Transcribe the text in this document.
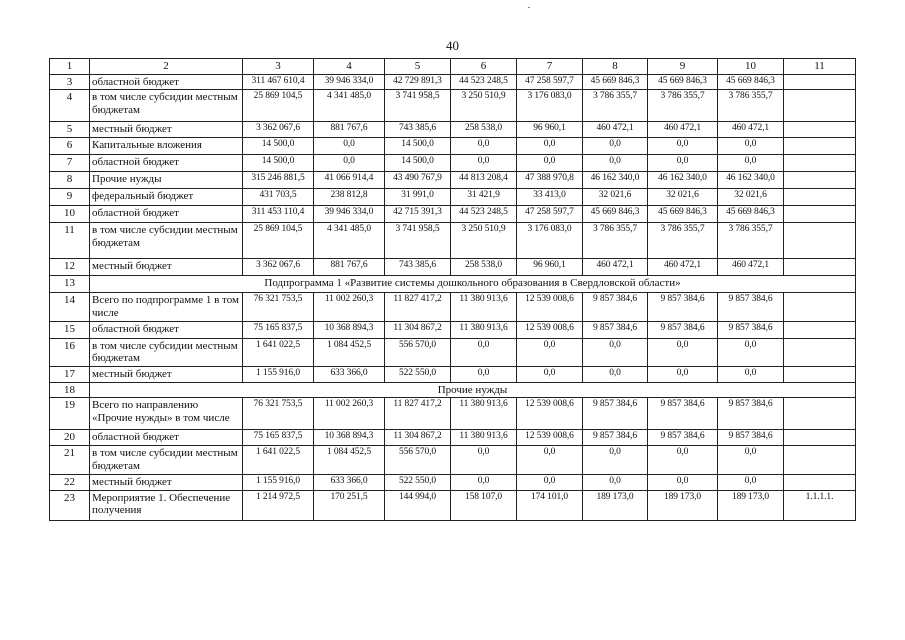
40
1	2	3	4	5	6	7	8	9	10	11
3	областной бюджет	311 467 610,4	39 946 334,0	42 729 891,3	44 523 248,5	47 258 597,7	45 669 846,3	45 669 846,3	45 669 846,3	
4	в том числе субсидии местным бюджетам	25 869 104,5	4 341 485,0	3 741 958,5	3 250 510,9	3 176 083,0	3 786 355,7	3 786 355,7	3 786 355,7	
5	местный бюджет	3 362 067,6	881 767,6	743 385,6	258 538,0	96 960,1	460 472,1	460 472,1	460 472,1	
6	Капитальные вложения	14 500,0	0,0	14 500,0	0,0	0,0	0,0	0,0	0,0	
7	областной бюджет	14 500,0	0,0	14 500,0	0,0	0,0	0,0	0,0	0,0	
8	Прочие нужды	315 246 881,5	41 066 914,4	43 490 767,9	44 813 208,4	47 388 970,8	46 162 340,0	46 162 340,0	46 162 340,0	
9	федеральный бюджет	431 703,5	238 812,8	31 991,0	31 421,9	33 413,0	32 021,6	32 021,6	32 021,6	
10	областной бюджет	311 453 110,4	39 946 334,0	42 715 391,3	44 523 248,5	47 258 597,7	45 669 846,3	45 669 846,3	45 669 846,3	
11	в том числе субсидии местным бюджетам	25 869 104,5	4 341 485,0	3 741 958,5	3 250 510,9	3 176 083,0	3 786 355,7	3 786 355,7	3 786 355,7	
12	местный бюджет	3 362 067,6	881 767,6	743 385,6	258 538,0	96 960,1	460 472,1	460 472,1	460 472,1	
13	Подпрограмма 1 «Развитие системы дошкольного образования в Свердловской области»									
14	Всего по подпрограмме 1 в том числе	76 321 753,5	11 002 260,3	11 827 417,2	11 380 913,6	12 539 008,6	9 857 384,6	9 857 384,6	9 857 384,6	
15	областной бюджет	75 165 837,5	10 368 894,3	11 304 867,2	11 380 913,6	12 539 008,6	9 857 384,6	9 857 384,6	9 857 384,6	
16	в том числе субсидии местным бюджетам	1 641 022,5	1 084 452,5	556 570,0	0,0	0,0	0,0	0,0	0,0	
17	местный бюджет	1 155 916,0	633 366,0	522 550,0	0,0	0,0	0,0	0,0	0,0	
18	Прочие нужды									
19	Всего по направлению «Прочие нужды» в том числе	76 321 753,5	11 002 260,3	11 827 417,2	11 380 913,6	12 539 008,6	9 857 384,6	9 857 384,6	9 857 384,6	
20	областной бюджет	75 165 837,5	10 368 894,3	11 304 867,2	11 380 913,6	12 539 008,6	9 857 384,6	9 857 384,6	9 857 384,6	
21	в том числе субсидии местным бюджетам	1 641 022,5	1 084 452,5	556 570,0	0,0	0,0	0,0	0,0	0,0	
22	местный бюджет	1 155 916,0	633 366,0	522 550,0	0,0	0,0	0,0	0,0	0,0	
23	Мероприятие 1. Обеспечение получения	1 214 972,5	170 251,5	144 994,0	158 107,0	174 101,0	189 173,0	189 173,0	189 173,0	1.1.1.1.
